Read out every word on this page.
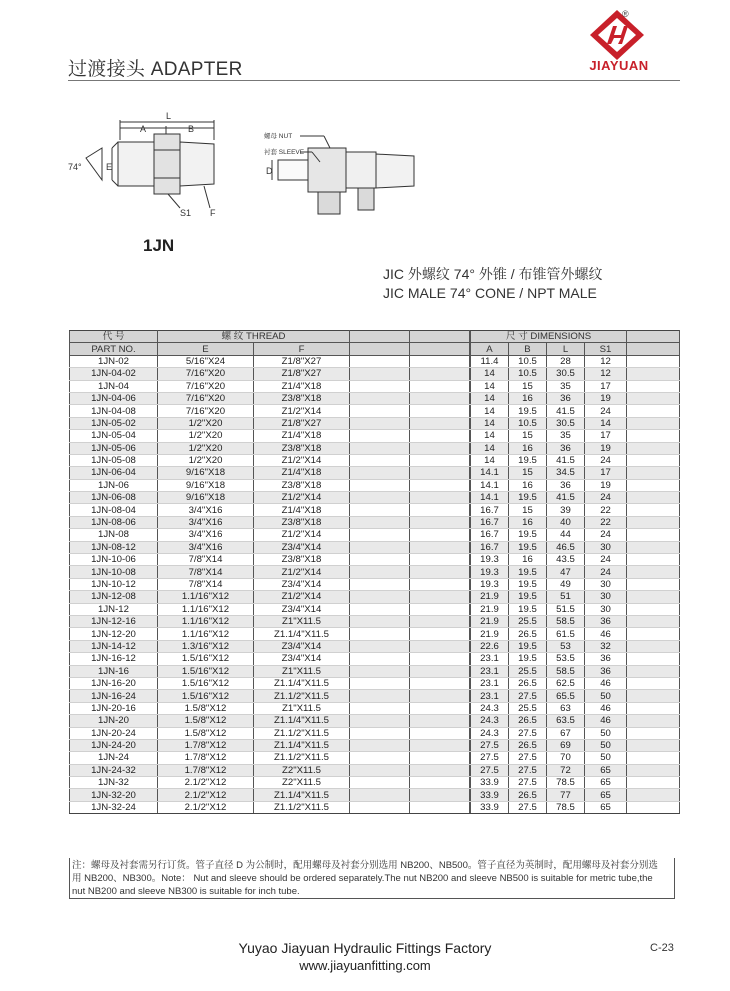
过渡接头 ADAPTER
®
JIAYUAN
74°
A	B
L
E
S1 F
D
螺母 NUT
衬套 SLEEVE
1JN
JIC 外螺纹 74° 外锥 / 布锥管外螺纹
JIC MALE 74° CONE / NPT MALE
代 号	螺 纹 THREAD				尺 寸 DIMENSIONS				
PART NO.	E	F				A	B	L	S1	
1JN-02	5/16"X24	Z1/8"X27				11.4	10.5	28	12	
1JN-04-02	7/16"X20	Z1/8"X27				14	10.5	30.5	12	
1JN-04	7/16"X20	Z1/4"X18				14	15	35	17	
1JN-04-06	7/16"X20	Z3/8"X18				14	16	36	19	
1JN-04-08	7/16"X20	Z1/2"X14				14	19.5	41.5	24	
1JN-05-02	1/2"X20	Z1/8"X27				14	10.5	30.5	14	
1JN-05-04	1/2"X20	Z1/4"X18				14	15	35	17	
1JN-05-06	1/2"X20	Z3/8"X18				14	16	36	19	
1JN-05-08	1/2"X20	Z1/2"X14				14	19.5	41.5	24	
1JN-06-04	9/16"X18	Z1/4"X18				14.1	15	34.5	17	
1JN-06	9/16"X18	Z3/8"X18				14.1	16	36	19	
1JN-06-08	9/16"X18	Z1/2"X14				14.1	19.5	41.5	24	
1JN-08-04	3/4"X16	Z1/4"X18				16.7	15	39	22	
1JN-08-06	3/4"X16	Z3/8"X18				16.7	16	40	22	
1JN-08	3/4"X16	Z1/2"X14				16.7	19.5	44	24	
1JN-08-12	3/4"X16	Z3/4"X14				16.7	19.5	46.5	30	
1JN-10-06	7/8"X14	Z3/8"X18				19.3	16	43.5	24	
1JN-10-08	7/8"X14	Z1/2"X14				19.3	19.5	47	24	
1JN-10-12	7/8"X14	Z3/4"X14				19.3	19.5	49	30	
1JN-12-08	1.1/16"X12	Z1/2"X14				21.9	19.5	51	30	
1JN-12	1.1/16"X12	Z3/4"X14				21.9	19.5	51.5	30	
1JN-12-16	1.1/16"X12	Z1"X11.5				21.9	25.5	58.5	36	
1JN-12-20	1.1/16"X12	Z1.1/4"X11.5				21.9	26.5	61.5	46	
1JN-14-12	1.3/16"X12	Z3/4"X14				22.6	19.5	53	32	
1JN-16-12	1.5/16"X12	Z3/4"X14				23.1	19.5	53.5	36	
1JN-16	1.5/16"X12	Z1"X11.5				23.1	25.5	58.5	36	
1JN-16-20	1.5/16"X12	Z1.1/4"X11.5				23.1	26.5	62.5	46	
1JN-16-24	1.5/16"X12	Z1.1/2"X11.5				23.1	27.5	65.5	50	
1JN-20-16	1.5/8"X12	Z1"X11.5				24.3	25.5	63	46	
1JN-20	1.5/8"X12	Z1.1/4"X11.5				24.3	26.5	63.5	46	
1JN-20-24	1.5/8"X12	Z1.1/2"X11.5				24.3	27.5	67	50	
1JN-24-20	1.7/8"X12	Z1.1/4"X11.5				27.5	26.5	69	50	
1JN-24	1.7/8"X12	Z1.1/2"X11.5				27.5	27.5	70	50	
1JN-24-32	1.7/8"X12	Z2"X11.5				27.5	27.5	72	65	
1JN-32	2.1/2"X12	Z2"X11.5				33.9	27.5	78.5	65	
1JN-32-20	2.1/2"X12	Z1.1/4"X11.5				33.9	26.5	77	65	
1JN-32-24	2.1/2"X12	Z1.1/2"X11.5				33.9	27.5	78.5	65	
注：螺母及衬套需另行订货。管子直径 D 为公制时，配用螺母及衬套分别选用 NB200、NB500。管子直径为英制时，配用螺母及衬套分别选
用 NB200、NB300。Note： Nut and sleeve should be ordered separately.The nut NB200 and sleeve NB500 is suitable for metric tube,the
nut NB200 and sleeve NB300 is suitable for inch tube.
Yuyao Jiayuan Hydraulic Fittings Factory
www.jiayuanfitting.com
C-23
